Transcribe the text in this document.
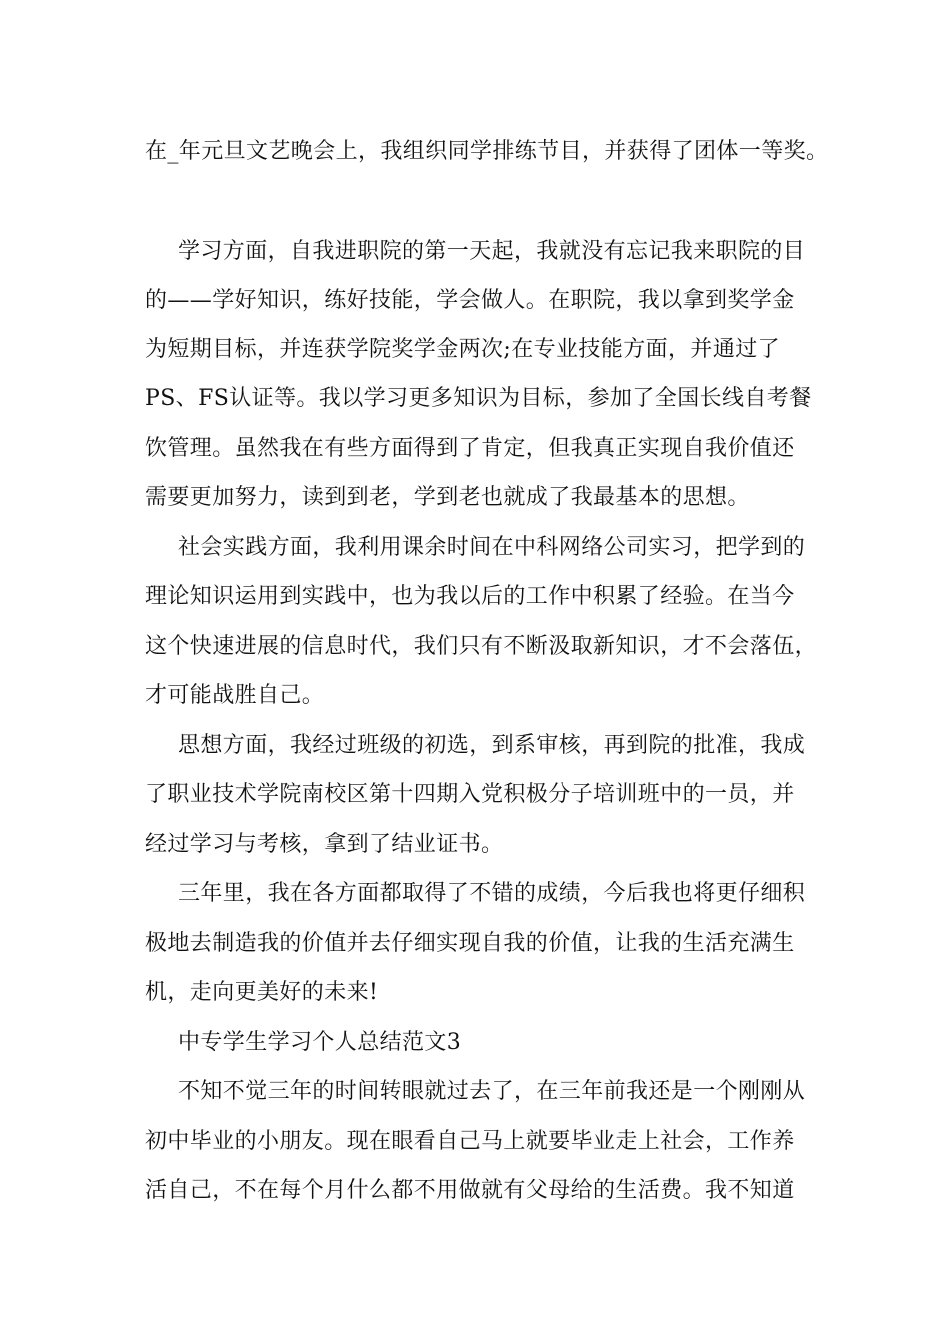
在_年元旦文艺晚会上，我组织同学排练节目，并获得了团体一等奖。
学习方面，自我进职院的第一天起，我就没有忘记我来职院的目
的——学好知识，练好技能，学会做人。在职院，我以拿到奖学金
为短期目标，并连获学院奖学金两次;在专业技能方面，并通过了
PS、FS认证等。我以学习更多知识为目标，参加了全国长线自考餐
饮管理。虽然我在有些方面得到了肯定，但我真正实现自我价值还
需要更加努力，读到到老，学到老也就成了我最基本的思想。
社会实践方面，我利用课余时间在中科网络公司实习，把学到的
理论知识运用到实践中，也为我以后的工作中积累了经验。在当今
这个快速进展的信息时代，我们只有不断汲取新知识，才不会落伍，
才可能战胜自己。
思想方面，我经过班级的初选，到系审核，再到院的批准，我成
了职业技术学院南校区第十四期入党积极分子培训班中的一员，并
经过学习与考核，拿到了结业证书。
三年里，我在各方面都取得了不错的成绩，今后我也将更仔细积
极地去制造我的价值并去仔细实现自我的价值，让我的生活充满生
机，走向更美好的未来!
中专学生学习个人总结范文3
不知不觉三年的时间转眼就过去了，在三年前我还是一个刚刚从
初中毕业的小朋友。现在眼看自己马上就要毕业走上社会，工作养
活自己，不在每个月什么都不用做就有父母给的生活费。我不知道
